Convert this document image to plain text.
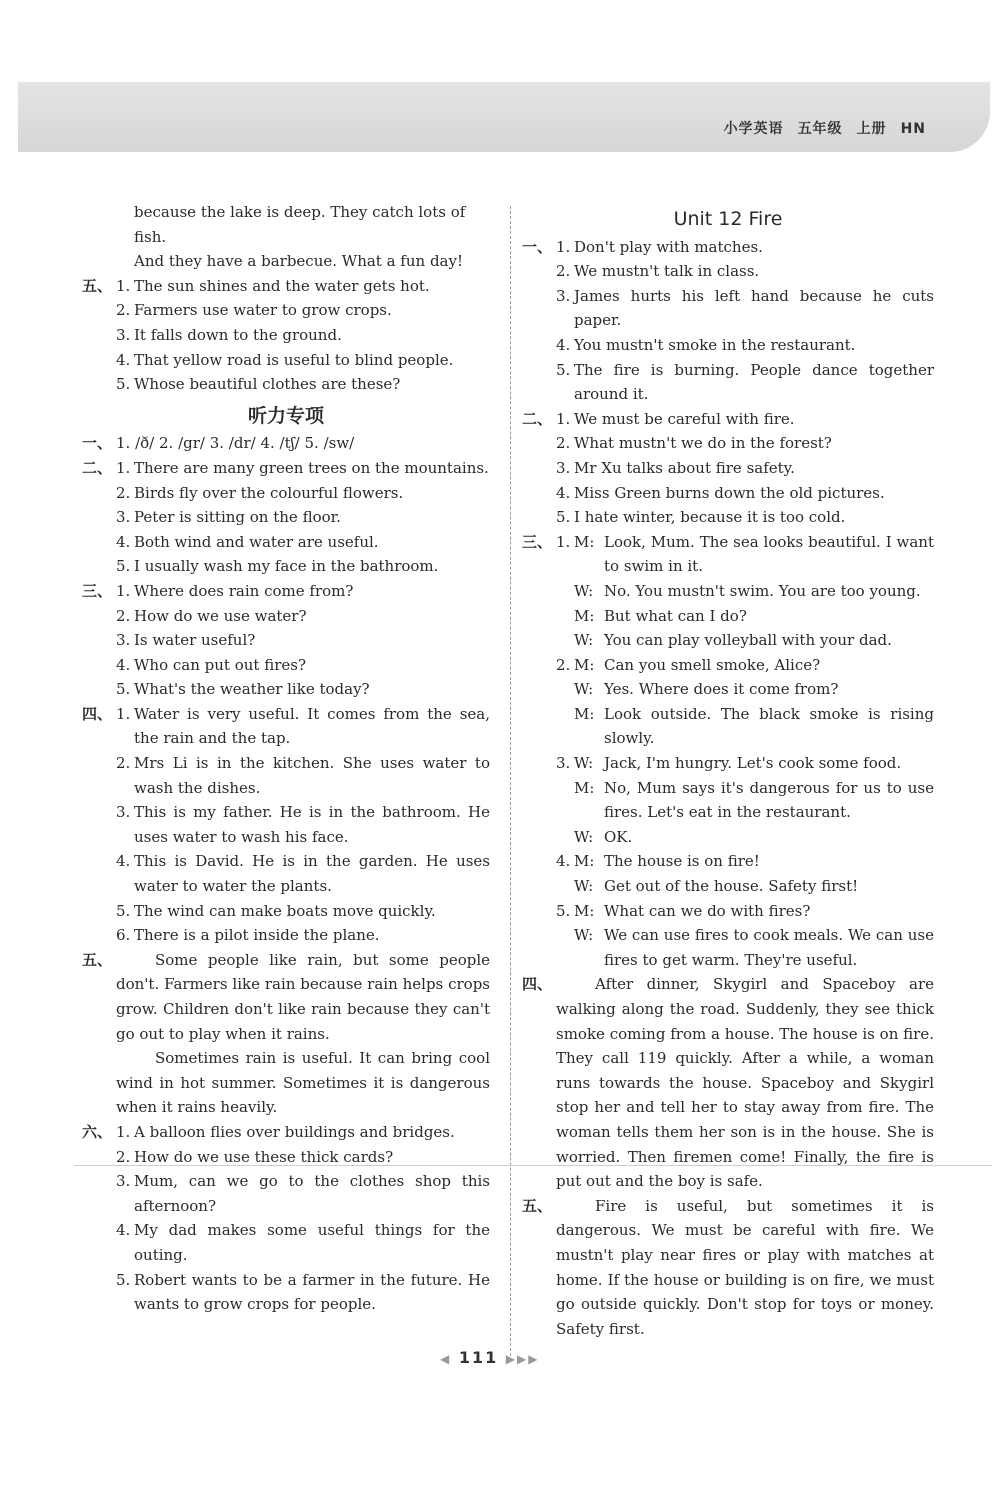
小学英语 五年级 上册 HN
because the lake is deep. They catch lots of fish.
And they have a barbecue. What a fun day!
五、 1. The sun shines and the water gets hot.
2. Farmers use water to grow crops.
3. It falls down to the ground.
4. That yellow road is useful to blind people.
5. Whose beautiful clothes are these?
听力专项
一、 1. /ð/ 2. /gr/ 3. /dr/ 4. /tʃ/ 5. /sw/
二、 1. There are many green trees on the mountains.
2. Birds fly over the colourful flowers.
3. Peter is sitting on the floor.
4. Both wind and water are useful.
5. I usually wash my face in the bathroom.
三、 1. Where does rain come from?
2. How do we use water?
3. Is water useful?
4. Who can put out fires?
5. What's the weather like today?
四、 1. Water is very useful. It comes from the sea, the rain and the tap.
2. Mrs Li is in the kitchen. She uses water to wash the dishes.
3. This is my father. He is in the bathroom. He uses water to wash his face.
4. This is David. He is in the garden. He uses water to water the plants.
5. The wind can make boats move quickly.
6. There is a pilot inside the plane.
五、	Some people like rain, but some people don't. Farmers like rain because rain helps crops grow. Children don't like rain because they can't go out to play when it rains.
Sometimes rain is useful. It can bring cool wind in hot summer. Sometimes it is dangerous when it rains heavily.
六、 1. A balloon flies over buildings and bridges.
2. How do we use these thick cards?
3. Mum, can we go to the clothes shop this afternoon?
4. My dad makes some useful things for the outing.
5. Robert wants to be a farmer in the future. He wants to grow crops for people.
Unit 12 Fire
一、 1. Don't play with matches.
2. We mustn't talk in class.
3. James hurts his left hand because he cuts paper.
4. You mustn't smoke in the restaurant.
5. The fire is burning. People dance together around it.
二、 1. We must be careful with fire.
2. What mustn't we do in the forest?
3. Mr Xu talks about fire safety.
4. Miss Green burns down the old pictures.
5. I hate winter, because it is too cold.
三、 1. M: Look, Mum. The sea looks beautiful. I want to swim in it.
W: No. You mustn't swim. You are too young.
M: But what can I do?
W: You can play volleyball with your dad.
2. M: Can you smell smoke, Alice?
W: Yes. Where does it come from?
M: Look outside. The black smoke is rising slowly.
3. W: Jack, I'm hungry. Let's cook some food.
M: No, Mum says it's dangerous for us to use fires. Let's eat in the restaurant.
W: OK.
4. M: The house is on fire!
W: Get out of the house. Safety first!
5. M: What can we do with fires?
W: We can use fires to cook meals. We can use fires to get warm. They're useful.
四、	After dinner, Skygirl and Spaceboy are walking along the road. Suddenly, they see thick smoke coming from a house. The house is on fire. They call 119 quickly. After a while, a woman runs towards the house. Spaceboy and Skygirl stop her and tell her to stay away from fire. The woman tells them her son is in the house. She is worried. Then firemen come! Finally, the fire is put out and the boy is safe.
五、	Fire is useful, but sometimes it is dangerous. We must be careful with fire. We mustn't play near fires or play with matches at home. If the house or building is on fire, we must go outside quickly. Don't stop for toys or money. Safety first.
◀ 111 ▶▶▶
